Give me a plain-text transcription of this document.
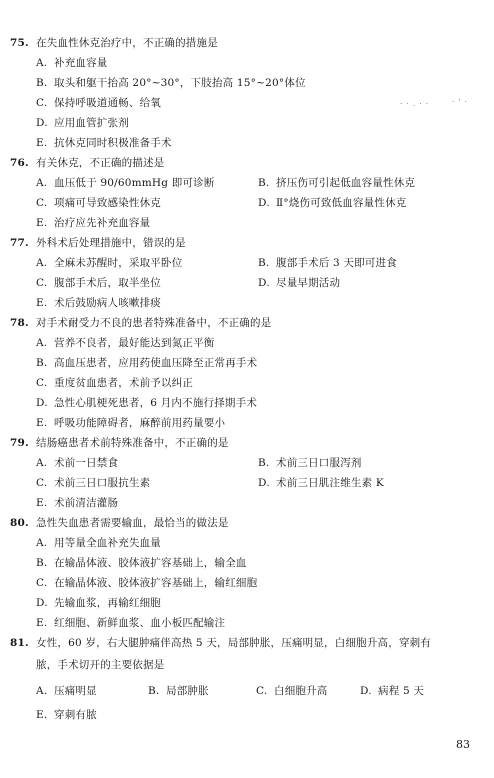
· · . · ·	· ' ·
75. 在失血性休克治疗中，不正确的措施是
A. 补充血容量
B. 取头和躯干抬高 20°~30°，下肢抬高 15°~20°体位
C. 保持呼吸道通畅、给氧
D. 应用血管扩张剂
E. 抗休克同时积极准备手术
76. 有关休克，不正确的描述是
A. 血压低于 90/60mmHg 即可诊断	B. 挤压伤可引起低血容量性休克
C. 项痛可导致感染性休克	D. Ⅱ°烧伤可致低血容量性休克
E. 治疗应先补充血容量
77. 外科术后处理措施中，错误的是
A. 全麻未苏醒时，采取平卧位	B. 腹部手术后 3 天即可进食
C. 腹部手术后，取半坐位	D. 尽量早期活动
E. 术后鼓励病人咳嗽排痰
78. 对手术耐受力不良的患者特殊准备中，不正确的是
A. 营养不良者，最好能达到氮正平衡
B. 高血压患者，应用药使血压降至正常再手术
C. 重度贫血患者，术前予以纠正
D. 急性心肌梗死患者，6 月内不施行择期手术
E. 呼吸功能障碍者，麻醉前用药量要小
79. 结肠癌患者术前特殊准备中，不正确的是
A. 术前一日禁食	B. 术前三日口服泻剂
C. 术前三日口服抗生素	D. 术前三日肌注维生素 K
E. 术前清洁灌肠
80. 急性失血患者需要输血，最恰当的做法是
A. 用等量全血补充失血量
B. 在输晶体液、胶体液扩容基础上，输全血
C. 在输晶体液、胶体液扩容基础上，输红细胞
D. 先输血浆，再输红细胞
E. 红细胞、新鲜血浆、血小板匹配输注
81. 女性，60 岁，右大腿肿痛伴高热 5 天，局部肿胀，压痛明显，白细胞升高，穿刺有
脓，手术切开的主要依据是
A. 压痛明显	B. 局部肿胀	C. 白细胞升高	D. 病程 5 天
E. 穿刺有脓
83
